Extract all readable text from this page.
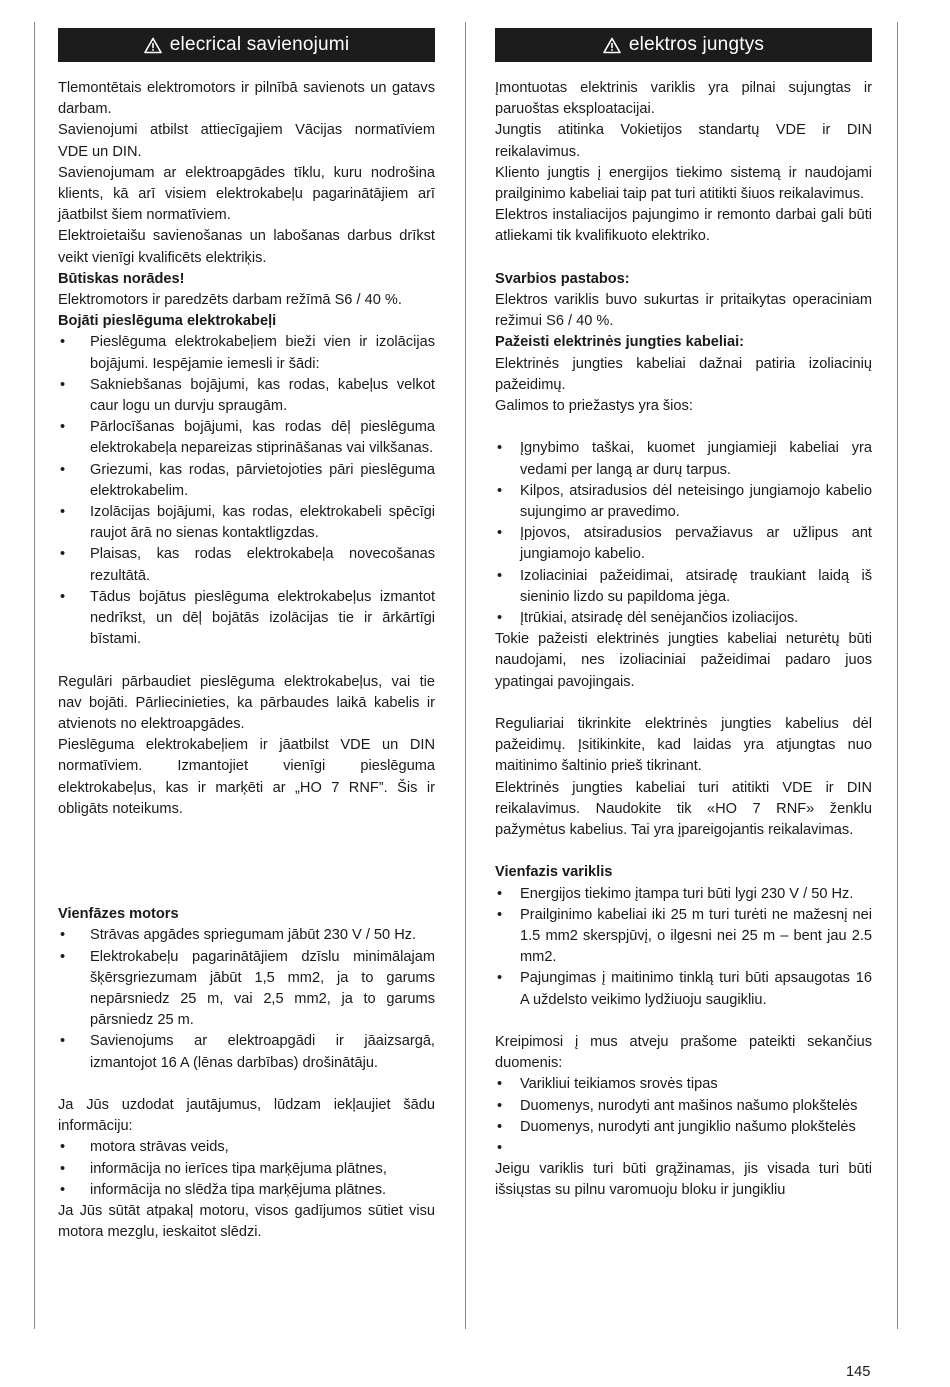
elecrical savienojumi

Tlemontētais elektromotors ir pilnībā savienots un gatavs darbam.

Savienojumi atbilst attiecīgajiem Vācijas normatīviem VDE un DIN.

Savienojumam ar elektroapgādes tīklu, kuru nodrošina klients, kā arī visiem elektrokabeļu pagarinātājiem arī jāatbilst šiem normatīviem.

Elektroietaišu savienošanas un labošanas darbus drīkst veikt vienīgi kvalificēts elektriķis.

Būtiskas norādes!

Elektromotors ir paredzēts darbam režīmā S6 / 40 %.

Bojāti pieslēguma elektrokabeļi

• Pieslēguma elektrokabeļiem bieži vien ir izolācijas bojājumi. Iespējamie iemesli ir šādi:
• Sakniebšanas bojājumi, kas rodas, kabeļus velkot caur logu un durvju spraugām.
• Pārlocīšanas bojājumi, kas rodas dēļ pieslēguma elektrokabeļa nepareizas stiprināšanas vai vilkšanas.
• Griezumi, kas rodas, pārvietojoties pāri pieslēguma elektrokabelim.
• Izolācijas bojājumi, kas rodas, elektrokabeli spēcīgi raujot ārā no sienas kontaktligzdas.
• Plaisas, kas rodas elektrokabeļa novecošanas rezultātā.
• Tādus bojātus pieslēguma elektrokabeļus izmantot nedrīkst, un dēļ bojātās izolācijas tie ir ārkārtīgi bīstami.

Regulāri pārbaudiet pieslēguma elektrokabeļus, vai tie nav bojāti. Pārliecinieties, ka pārbaudes laikā kabelis ir atvienots no elektroapgādes.

Pieslēguma elektrokabeļiem ir jāatbilst VDE un DIN normatīviem. Izmantojiet vienīgi pieslēguma elektrokabeļus, kas ir marķēti ar „HO 7 RNF”. Šis ir obligāts noteikums.

Vienfāzes motors

• Strāvas apgādes spriegumam jābūt 230 V / 50 Hz.
• Elektrokabeļu pagarinātājiem dzīslu minimālajam šķērsgriezumam jābūt 1,5 mm2, ja to garums nepārsniedz 25 m, vai 2,5 mm2, ja to garums pārsniedz 25 m.
• Savienojums ar elektroapgādi ir jāaizsargā, izmantojot 16 A (lēnas darbības) drošinātāju.

Ja Jūs uzdodat jautājumus, lūdzam iekļaujiet šādu informāciju:

• motora strāvas veids,
• informācija no ierīces tipa marķējuma plātnes,
• informācija no slēdža tipa marķējuma plātnes.

Ja Jūs sūtāt atpakaļ motoru, visos gadījumos sūtiet visu motora mezglu, ieskaitot slēdzi.

elektros jungtys

Įmontuotas elektrinis variklis yra pilnai sujungtas ir paruoštas eksploatacijai.

Jungtis atitinka Vokietijos standartų VDE ir DIN reikalavimus.

Kliento jungtis į energijos tiekimo sistemą ir naudojami prailginimo kabeliai taip pat turi atitikti šiuos reikalavimus.

Elektros instaliacijos pajungimo ir remonto darbai gali būti atliekami tik kvalifikuoto elektriko.

Svarbios pastabos:

Elektros variklis buvo sukurtas ir pritaikytas operaciniam režimui S6 / 40 %.

Pažeisti elektrinės jungties kabeliai:

Elektrinės jungties kabeliai dažnai patiria izoliacinių pažeidimų.

Galimos to priežastys yra šios:

• Įgnybimo taškai, kuomet jungiamieji kabeliai yra vedami per langą ar durų tarpus.
• Kilpos, atsiradusios dėl neteisingo jungiamojo kabelio sujungimo ar pravedimo.
• Įpjovos, atsiradusios pervažiavus ar užlipus ant jungiamojo kabelio.
• Izoliaciniai pažeidimai, atsiradę traukiant laidą iš sieninio lizdo su papildoma jėga.
• Įtrūkiai, atsiradę dėl senėjančios izoliacijos.

Tokie pažeisti elektrinės jungties kabeliai neturėtų būti naudojami, nes izoliaciniai pažeidimai padaro juos ypatingai pavojingais.

Reguliariai tikrinkite elektrinės jungties kabelius dėl pažeidimų. Įsitikinkite, kad laidas yra atjungtas nuo maitinimo šaltinio prieš tikrinant.

Elektrinės jungties kabeliai turi atitikti VDE ir DIN reikalavimus. Naudokite tik «HO 7 RNF» ženklu pažymėtus kabelius. Tai yra įpareigojantis reikalavimas.

Vienfazis variklis

• Energijos tiekimo įtampa turi būti lygi 230 V / 50 Hz.
• Prailginimo kabeliai iki 25 m turi turėti ne mažesnį nei 1.5 mm2 skerspjūvį, o ilgesni nei 25 m – bent jau 2.5 mm2.
• Pajungimas į maitinimo tinklą turi būti apsaugotas 16 A uždelsto veikimo lydžiuoju saugikliu.

Kreipimosi į mus atveju prašome pateikti sekančius duomenis:

• Varikliui teikiamos srovės tipas
• Duomenys, nurodyti ant mašinos našumo plokštelės
• Duomenys, nurodyti ant jungiklio našumo plokštelės
•

Jeigu variklis turi būti grąžinamas, jis visada turi būti išsiųstas su pilnu varomuoju bloku ir jungikliu

145
